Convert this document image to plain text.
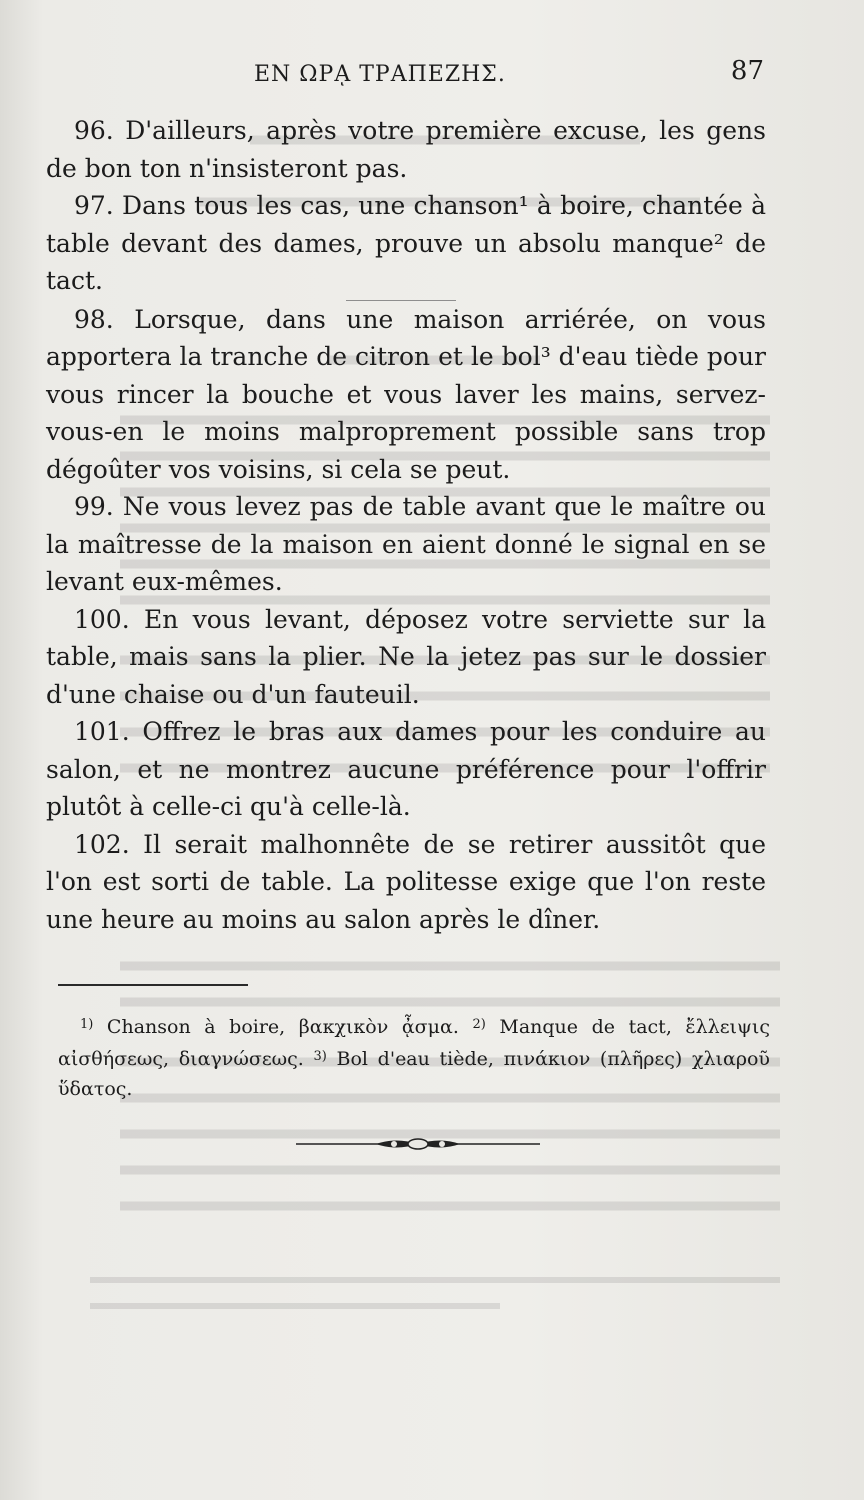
ΕΝ ΩΡᾼ ΤΡΑΠΕΖΗΣ.	87

96. D'ailleurs, après votre première excuse, les gens de bon ton n'insisteront pas.

97. Dans tous les cas, une chanson¹ à boire, chantée à table devant des dames, prouve un absolu manque² de tact.

98. Lorsque, dans une maison arriérée, on vous apportera la tranche de citron et le bol³ d'eau tiède pour vous rincer la bouche et vous laver les mains, servez-vous-en le moins malproprement possible sans trop dégoûter vos voisins, si cela se peut.

99. Ne vous levez pas de table avant que le maître ou la maîtresse de la maison en aient donné le signal en se levant eux-mêmes.

100. En vous levant, déposez votre serviette sur la table, mais sans la plier. Ne la jetez pas sur le dossier d'une chaise ou d'un fauteuil.

101. Offrez le bras aux dames pour les conduire au salon, et ne montrez aucune préférence pour l'offrir plutôt à celle-ci qu'à celle-là.

102. Il serait malhonnête de se retirer aussitôt que l'on est sorti de table. La politesse exige que l'on reste une heure au moins au salon après le dîner.

$^{1)}$ Chanson à boire, βακχικὸν ᾆσμα. $^{2)}$ Manque de tact, ἔλλειψις αἰσθήσεως, διαγνώσεως. $^{3)}$ Bol d'eau tiède, πινάκιον (πλῆρες) χλιαροῦ ὕδατος.
